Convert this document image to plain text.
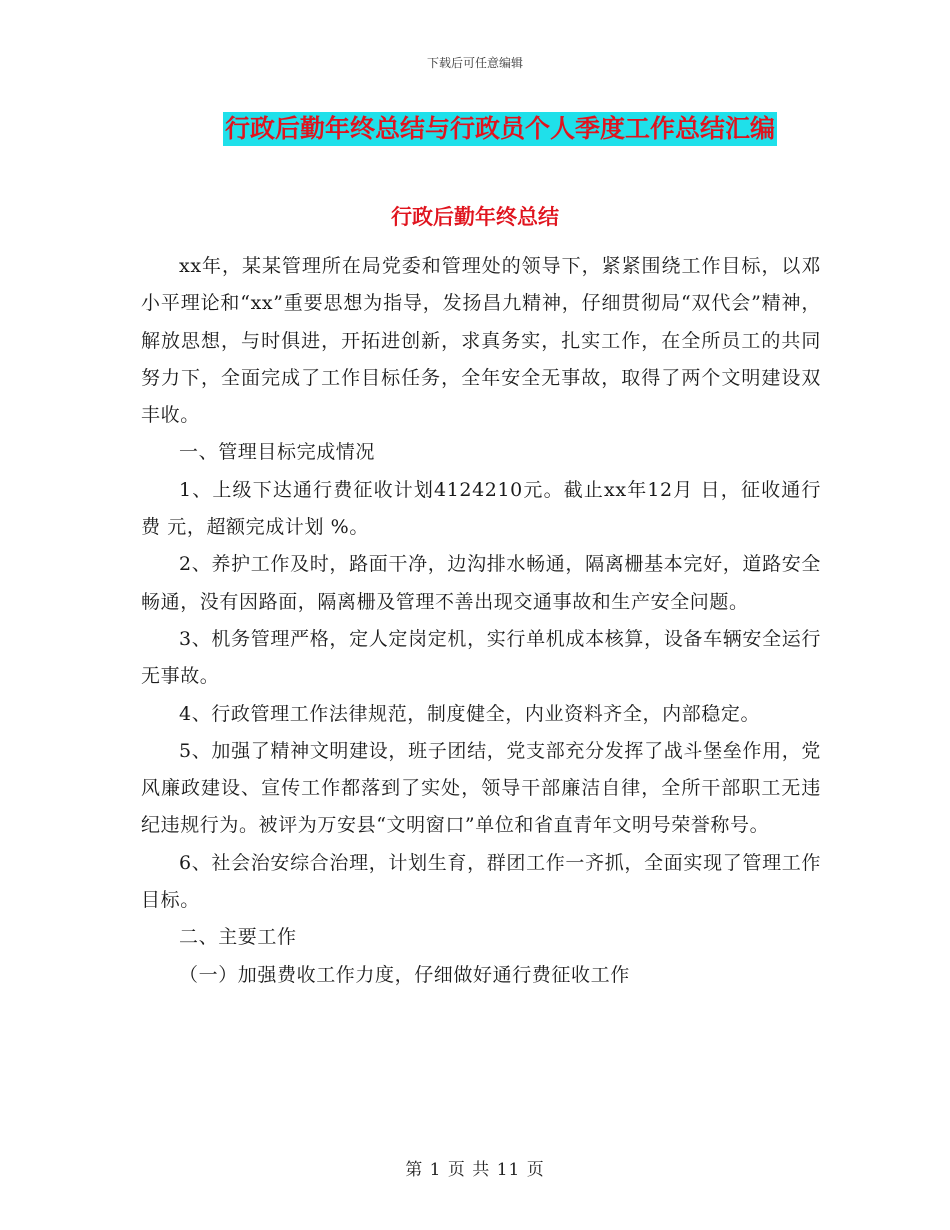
下载后可任意编辑
行政后勤年终总结与行政员个人季度工作总结汇编
行政后勤年终总结

xx年，某某管理所在局党委和管理处的领导下，紧紧围绕工作目标，以邓小平理论和“xx”重要思想为指导，发扬昌九精神，仔细贯彻局“双代会”精神，解放思想，与时俱进，开拓进创新，求真务实，扎实工作，在全所员工的共同努力下，全面完成了工作目标任务，全年安全无事故，取得了两个文明建设双丰收。

一、管理目标完成情况

1、上级下达通行费征收计划4124210元。截止xx年12月 日，征收通行费 元，超额完成计划 %。

2、养护工作及时，路面干净，边沟排水畅通，隔离栅基本完好，道路安全畅通，没有因路面，隔离栅及管理不善出现交通事故和生产安全问题。

3、机务管理严格，定人定岗定机，实行单机成本核算，设备车辆安全运行无事故。

4、行政管理工作法律规范，制度健全，内业资料齐全，内部稳定。

5、加强了精神文明建设，班子团结，党支部充分发挥了战斗堡垒作用，党风廉政建设、宣传工作都落到了实处，领导干部廉洁自律，全所干部职工无违纪违规行为。被评为万安县“文明窗口”单位和省直青年文明号荣誉称号。

6、社会治安综合治理，计划生育，群团工作一齐抓，全面实现了管理工作目标。

二、主要工作

（一）加强费收工作力度，仔细做好通行费征收工作

第 1 页 共 11 页
